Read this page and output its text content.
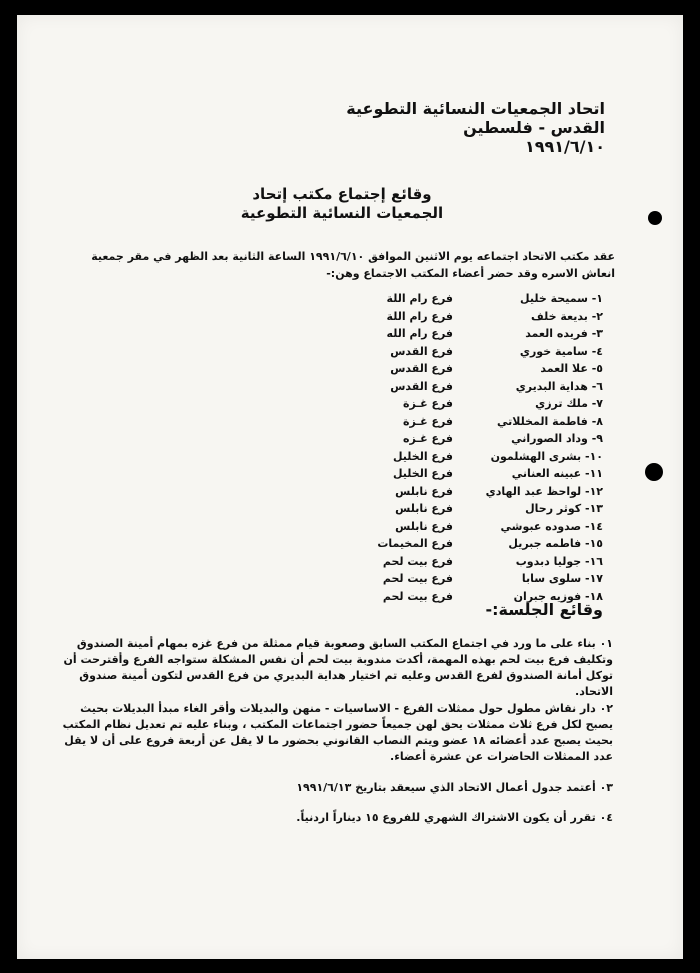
اتحاد الجمعيات النسائية التطوعية
القدس - فلسطين
١٩٩١/٦/١٠
وقائع إجتماع مكتب إتحاد
الجمعيات النسائية التطوعية
عقد مكتب الاتحاد اجتماعه يوم الاثنين الموافق ١٩٩١/٦/١٠ الساعة الثانية بعد الظهر في مقر جمعية انعاش الاسره وقد حضر أعضاء المكتب الاجتماع وهن:-
١- سميحة خليل
فرع رام اللة
٢- بديعة خلف
فرع رام اللة
٣- فريده العمد
فرع رام الله
٤- سامية خوري
فرع القدس
٥- علا العمد
فرع القدس
٦- هداية البديري
فرع القدس
٧- ملك ترزي
فرع غـزة
٨- فاطمة المخللاتي
فرع غـزة
٩- وداد الصوراني
فرع غـزه
١٠- بشرى الهشلمون
فرع الخليل
١١- عبينه العناني
فرع الخليل
١٢- لواحظ عبد الهادي
فرع نابلس
١٣- كوثر رحال
فرع نابلس
١٤- صدوده عبوشي
فرع نابلس
١٥- فاطمه جبريل
فرع المخيمات
١٦- جوليا دبدوب
فرع بيت لحم
١٧- سلوى سابا
فرع بيت لحم
١٨- فوزيه جبران
فرع بيت لحم
وقائع الجلسة:-
٠١ بناء على ما ورد في اجتماع المكتب السابق وصعوبة قيام ممثلة من فرع غزه بمهام أمينة الصندوق وتكليف فرع بيت لحم بهذه المهمة، أكدت مندوبة بيت لحم أن نفس المشكلة ستواجه الفرع وأقترحت أن توكل أمانة الصندوق لفرع القدس وعليه تم اختيار هداية البديري من فرع القدس لتكون أمينة صندوق الاتحاد.
٠٢ دار نقاش مطول حول ممثلات الفرع - الاساسيات - منهن والبديلات وأقر الغاء مبدأ البديلات بحيث يصبح لكل فرع ثلاث ممثلات يحق لهن جميعاً حضور اجتماعات المكتب ، وبناء عليه تم تعديل نظام المكتب بحيث يصبح عدد أعضائه ١٨ عضو ويتم النصاب القانوني بحضور ما لا يقل عن أربعة فروع على أن لا يقل عدد الممثلات الحاضرات عن عشرة أعضاء.
٠٣ أعتمد جدول أعمال الاتحاد الذي سيعقد بتاريخ ١٩٩١/٦/١٣
٠٤ تقرر أن يكون الاشتراك الشهري للفروع ١٥ ديناراً اردنياً.
